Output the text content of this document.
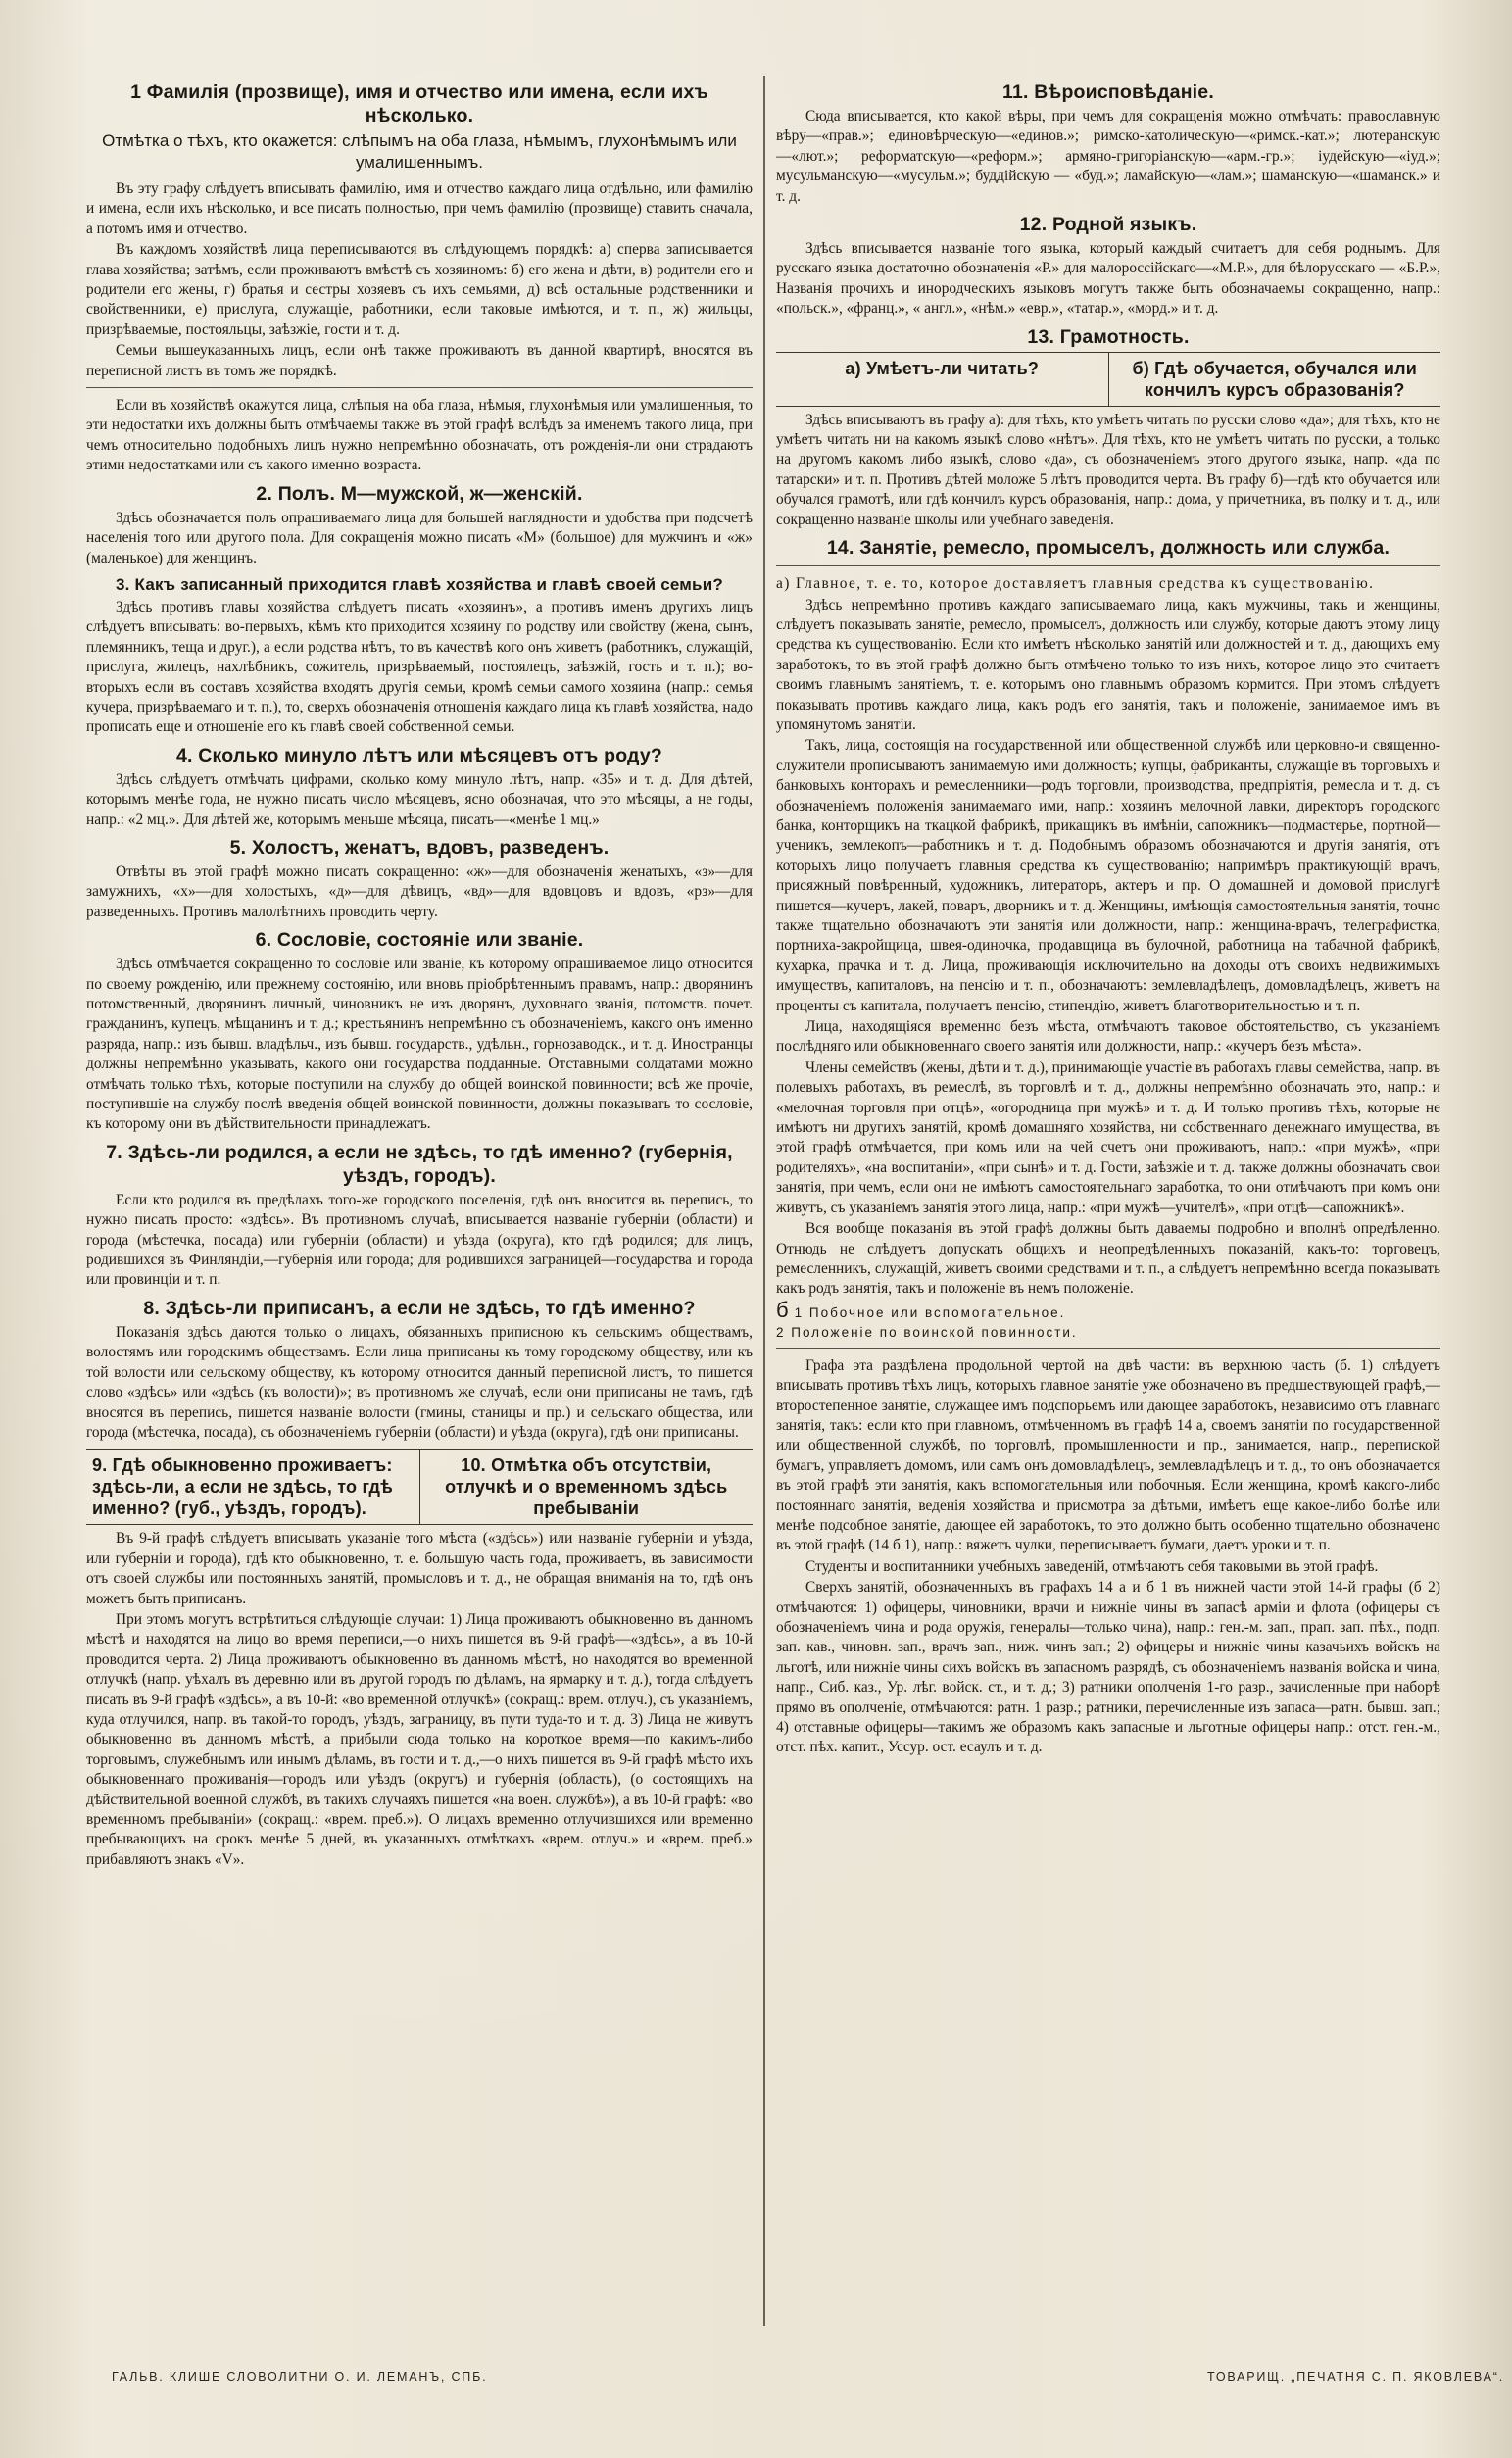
1 Фамилія (прозвище), имя и отчество или имена, если ихъ нѣсколько.
Отмѣтка о тѣхъ, кто окажется: слѣпымъ на оба глаза, нѣмымъ, глухонѣмымъ или умалишеннымъ.
Въ эту графу слѣдуетъ вписывать фамилію, имя и отчество каждаго лица отдѣльно, или фамилію и имена, если ихъ нѣсколько, и все писать полностью, при чемъ фамилію (прозвище) ставить сначала, а потомъ имя и отчество.
Въ каждомъ хозяйствѣ лица переписываются въ слѣдующемъ порядкѣ: а) сперва записывается глава хозяйства; затѣмъ, если проживаютъ вмѣстѣ съ хозяиномъ: б) его жена и дѣти, в) родители его и родители его жены, г) братья и сестры хозяевъ съ ихъ семьями, д) всѣ остальные родственники и свойственники, е) прислуга, служащіе, работники, если таковые имѣются, и т. п., ж) жильцы, призрѣваемые, постояльцы, заѣзжіе, гости и т. д.
Семьи вышеуказанныхъ лицъ, если онѣ также проживаютъ въ данной квартирѣ, вносятся въ переписной листъ въ томъ же порядкѣ.
Если въ хозяйствѣ окажутся лица, слѣпыя на оба глаза, нѣмыя, глухонѣмыя или умалишенныя, то эти недостатки ихъ должны быть отмѣчаемы также въ этой графѣ вслѣдъ за именемъ такого лица, при чемъ относительно подобныхъ лицъ нужно непремѣнно обозначать, отъ рожденія-ли они страдаютъ этими недостатками или съ какого именно возраста.
2. Полъ. М—мужской, ж—женскій.
Здѣсь обозначается полъ опрашиваемаго лица для большей наглядности и удобства при подсчетѣ населенія того или другого пола. Для сокращенія можно писать «М» (большое) для мужчинъ и «ж» (маленькое) для женщинъ.
3. Какъ записанный приходится главѣ хозяйства и главѣ своей семьи?
Здѣсь противъ главы хозяйства слѣдуетъ писать «хозяинъ», а противъ именъ другихъ лицъ слѣдуетъ вписывать: во-первыхъ, кѣмъ кто приходится хозяину по родству или свойству (жена, сынъ, племянникъ, теща и друг.), а если родства нѣтъ, то въ качествѣ кого онъ живетъ (работникъ, служащій, прислуга, жилецъ, нахлѣбникъ, сожитель, призрѣваемый, постоялецъ, заѣзжій, гость и т. п.); во-вторыхъ если въ составъ хозяйства входятъ другія семьи, кромѣ семьи самого хозяина (напр.: семья кучера, призрѣваемаго и т. п.), то, сверхъ обозначенія отношенія каждаго лица къ главѣ хозяйства, надо прописать еще и отношеніе его къ главѣ своей собственной семьи.
4. Сколько минуло лѣтъ или мѣсяцевъ отъ роду?
Здѣсь слѣдуетъ отмѣчать цифрами, сколько кому минуло лѣтъ, напр. «35» и т. д. Для дѣтей, которымъ менѣе года, не нужно писать число мѣсяцевъ, ясно обозначая, что это мѣсяцы, а не годы, напр.: «2 мц.». Для дѣтей же, которымъ меньше мѣсяца, писать—«менѣе 1 мц.»
5. Холостъ, женатъ, вдовъ, разведенъ.
Отвѣты въ этой графѣ можно писать сокращенно: «ж»—для обозначенія женатыхъ, «з»—для замужнихъ, «х»—для холостыхъ, «д»—для дѣвицъ, «вд»—для вдовцовъ и вдовъ, «рз»—для разведенныхъ. Противъ малолѣтнихъ проводить черту.
6. Сословіе, состояніе или званіе.
Здѣсь отмѣчается сокращенно то сословіе или званіе, къ которому опрашиваемое лицо относится по своему рожденію, или прежнему состоянію, или вновь пріобрѣтеннымъ правамъ, напр.: дворянинъ потомственный, дворянинъ личный, чиновникъ не изъ дворянъ, духовнаго званія, потомств. почет. гражданинъ, купецъ, мѣщанинъ и т. д.; крестьянинъ непремѣнно съ обозначеніемъ, какого онъ именно разряда, напр.: изъ бывш. владѣльч., изъ бывш. государств., удѣльн., горнозаводск., и т. д. Иностранцы должны непремѣнно указывать, какого они государства подданные. Отставными солдатами можно отмѣчать только тѣхъ, которые поступили на службу до общей воинской повинности; всѣ же прочіе, поступившіе на службу послѣ введенія общей воинской повинности, должны показывать то сословіе, къ которому они въ дѣйствительности принадлежатъ.
7. Здѣсь-ли родился, а если не здѣсь, то гдѣ именно? (губернія, уѣздъ, городъ).
Если кто родился въ предѣлахъ того-же городского поселенія, гдѣ онъ вносится въ перепись, то нужно писать просто: «здѣсь». Въ противномъ случаѣ, вписывается названіе губерніи (области) и города (мѣстечка, посада) или губерніи (области) и уѣзда (округа), кто гдѣ родился; для лицъ, родившихся въ Финляндіи,—губернія или города; для родившихся заграницей—государства и города или провинціи и т. п.
8. Здѣсь-ли приписанъ, а если не здѣсь, то гдѣ именно?
Показанія здѣсь даются только о лицахъ, обязанныхъ приписною къ сельскимъ обществамъ, волостямъ или городскимъ обществамъ. Если лица приписаны къ тому городскому обществу, или къ той волости или сельскому обществу, къ которому относится данный переписной листъ, то пишется слово «здѣсь» или «здѣсь (къ волости)»; въ противномъ же случаѣ, если они приписаны не тамъ, гдѣ вносятся въ перепись, пишется названіе волости (гмины, станицы и пр.) и сельскаго общества, или города (мѣстечка, посада), съ обозначеніемъ губерніи (области) и уѣзда (округа), гдѣ они приписаны.
9. Гдѣ обыкновенно проживаетъ: здѣсь-ли, а если не здѣсь, то гдѣ именно? (губ., уѣздъ, городъ).
10. Отмѣтка объ отсутствіи, отлучкѣ и о временномъ здѣсь пребываніи
Въ 9-й графѣ слѣдуетъ вписывать указаніе того мѣста («здѣсь») или названіе губерніи и уѣзда, или губерніи и города), гдѣ кто обыкновенно, т. е. большую часть года, проживаетъ, въ зависимости отъ своей службы или постоянныхъ занятій, промысловъ и т. д., не обращая вниманія на то, гдѣ онъ можетъ быть приписанъ.
При этомъ могутъ встрѣтиться слѣдующіе случаи: 1) Лица проживаютъ обыкновенно въ данномъ мѣстѣ и находятся на лицо во время переписи,—о нихъ пишется въ 9-й графѣ—«здѣсь», а въ 10-й проводится черта. 2) Лица проживаютъ обыкновенно въ данномъ мѣстѣ, но находятся во временной отлучкѣ (напр. уѣхалъ въ деревню или въ другой городъ по дѣламъ, на ярмарку и т. д.), тогда слѣдуетъ писать въ 9-й графѣ «здѣсь», а въ 10-й: «во временной отлучкѣ» (сокращ.: врем. отлуч.), съ указаніемъ, куда отлучился, напр. въ такой-то городъ, уѣздъ, заграницу, въ пути туда-то и т. д. 3) Лица не живутъ обыкновенно въ данномъ мѣстѣ, а прибыли сюда только на короткое время—по какимъ-либо торговымъ, служебнымъ или инымъ дѣламъ, въ гости и т. д.,—о нихъ пишется въ 9-й графѣ мѣсто ихъ обыкновеннаго проживанія—городъ или уѣздъ (округъ) и губернія (область), (о состоящихъ на дѣйствительной военной службѣ, въ такихъ случаяхъ пишется «на воен. службѣ»), а въ 10-й графѣ: «во временномъ пребываніи» (сокращ.: «врем. преб.»). О лицахъ временно отлучившихся или временно пребывающихъ на срокъ менѣе 5 дней, въ указанныхъ отмѣткахъ «врем. отлуч.» и «врем. преб.» прибавляютъ знакъ «V».
11. Вѣроисповѣданіе.
Сюда вписывается, кто какой вѣры, при чемъ для сокращенія можно отмѣчать: православную вѣру—«прав.»; единовѣрческую—«единов.»; римско-католическую—«римск.-кат.»; лютеранскую—«лют.»; реформатскую—«реформ.»; армяно-григоріанскую—«арм.-гр.»; іудейскую—«іуд.»; мусульманскую—«мусульм.»; буддійскую — «буд.»; ламайскую—«лам.»; шаманскую—«шаманск.» и т. д.
12. Родной языкъ.
Здѣсь вписывается названіе того языка, который каждый считаетъ для себя роднымъ. Для русскаго языка достаточно обозначенія «Р.» для малороссійскаго—«М.Р.», для бѣлорусскаго — «Б.Р.», Названія прочихъ и инородческихъ языковъ могутъ также быть обозначаемы сокращенно, напр.: «польск.», «франц.», « англ.», «нѣм.» «евр.», «татар.», «морд.» и т. д.
13. Грамотность.
а) Умѣетъ-ли читать?	б) Гдѣ обучается, обучался или кончилъ курсъ образованія?
Здѣсь вписываютъ въ графу а): для тѣхъ, кто умѣетъ читать по русски слово «да»; для тѣхъ, кто не умѣетъ читать ни на какомъ языкѣ слово «нѣтъ». Для тѣхъ, кто не умѣетъ читать по русски, а только на другомъ какомъ либо языкѣ, слово «да», съ обозначеніемъ этого другого языка, напр. «да по татарски» и т. п. Противъ дѣтей моложе 5 лѣтъ проводится черта. Въ графу б)—гдѣ кто обучается или обучался грамотѣ, или гдѣ кончилъ курсъ образованія, напр.: дома, у причетника, въ полку и т. д., или сокращенно названіе школы или учебнаго заведенія.
14. Занятіе, ремесло, промыселъ, должность или служба.
а) Главное, т. е. то, которое доставляетъ главныя средства къ существованію.
Здѣсь непремѣнно противъ каждаго записываемаго лица, какъ мужчины, такъ и женщины, слѣдуетъ показывать занятіе, ремесло, промыселъ, должность или службу, которые даютъ этому лицу средства къ существованію. Если кто имѣетъ нѣсколько занятій или должностей и т. д., дающихъ ему заработокъ, то въ этой графѣ должно быть отмѣчено только то изъ нихъ, которое лицо это считаетъ своимъ главнымъ занятіемъ, т. е. которымъ оно главнымъ образомъ кормится. При этомъ слѣдуетъ показывать противъ каждаго лица, какъ родъ его занятія, такъ и положеніе, занимаемое имъ въ упомянутомъ занятіи.
Такъ, лица, состоящія на государственной или общественной службѣ или церковно-и священно-служители прописываютъ занимаемую ими должность; купцы, фабриканты, служащіе въ торговыхъ и банковыхъ конторахъ и ремесленники—родъ торговли, производства, предпріятія, ремесла и т. д. съ обозначеніемъ положенія занимаемаго ими, напр.: хозяинъ мелочной лавки, директоръ городского банка, конторщикъ на ткацкой фабрикѣ, прикащикъ въ имѣніи, сапожникъ—подмастерье, портной—ученикъ, землекопъ—работникъ и т. д. Подобнымъ образомъ обозначаются и другія занятія, отъ которыхъ лицо получаетъ главныя средства къ существованію; напримѣръ практикующій врачъ, присяжный повѣренный, художникъ, литераторъ, актеръ и пр. О домашней и домовой прислугѣ пишется—кучеръ, лакей, поваръ, дворникъ и т. д. Женщины, имѣющія самостоятельныя занятія, точно также тщательно обозначаютъ эти занятія или должности, напр.: женщина-врачъ, телеграфистка, портниха-закройщица, швея-одиночка, продавщица въ булочной, работница на табачной фабрикѣ, кухарка, прачка и т. д. Лица, проживающія исключительно на доходы отъ своихъ недвижимыхъ имуществъ, капиталовъ, на пенсію и т. п., обозначаютъ: землевладѣлецъ, домовладѣлецъ, живетъ на проценты съ капитала, получаетъ пенсію, стипендію, живетъ благотворительностью и т. п.
Лица, находящіяся временно безъ мѣста, отмѣчаютъ таковое обстоятельство, съ указаніемъ послѣдняго или обыкновеннаго своего занятія или должности, напр.: «кучеръ безъ мѣста».
Члены семействъ (жены, дѣти и т. д.), принимающіе участіе въ работахъ главы семейства, напр. въ полевыхъ работахъ, въ ремеслѣ, въ торговлѣ и т. д., должны непремѣнно обозначать это, напр.: и «мелочная торговля при отцѣ», «огородница при мужѣ» и т. д. И только противъ тѣхъ, которые не имѣютъ ни другихъ занятій, кромѣ домашняго хозяйства, ни собственнаго денежнаго имущества, въ этой графѣ отмѣчается, при комъ или на чей счетъ они проживаютъ, напр.: «при мужѣ», «при родителяхъ», «на воспитаніи», «при сынѣ» и т. д. Гости, заѣзжіе и т. д. также должны обозначать свои занятія, при чемъ, если они не имѣютъ самостоятельнаго заработка, то они отмѣчаютъ при комъ они живутъ, съ указаніемъ занятія этого лица, напр.: «при мужѣ—учителѣ», «при отцѣ—сапожникѣ».
Вся вообще показанія въ этой графѣ должны быть даваемы подробно и вполнѣ опредѣленно. Отнюдь не слѣдуетъ допускать общихъ и неопредѣленныхъ показаній, какъ-то: торговецъ, ремесленникъ, служащій, живетъ своими средствами и т. п., а слѣдуетъ непремѣнно всегда показывать какъ родъ занятія, такъ и положеніе въ немъ положеніе.
б 1 Побочное или вспомогательное.
2 Положеніе по воинской повинности.
Графа эта раздѣлена продольной чертой на двѣ части: въ верхнюю часть (б. 1) слѣдуетъ вписывать противъ тѣхъ лицъ, которыхъ главное занятіе уже обозначено въ предшествующей графѣ,—второстепенное занятіе, служащее имъ подспорьемъ или дающее заработокъ, независимо отъ главнаго занятія, такъ: если кто при главномъ, отмѣченномъ въ графѣ 14 а, своемъ занятіи по государственной или общественной службѣ, по торговлѣ, промышленности и пр., занимается, напр., перепиской бумагъ, управляетъ домомъ, или самъ онъ домовладѣлецъ, землевладѣлецъ и т. д., то онъ обозначается въ этой графѣ эти занятія, какъ вспомогательныя или побочныя. Если женщина, кромѣ какого-либо постояннаго занятія, веденія хозяйства и присмотра за дѣтьми, имѣетъ еще какое-либо болѣе или менѣе подсобное занятіе, дающее ей заработокъ, то это должно быть особенно тщательно обозначено въ этой графѣ (14 б 1), напр.: вяжетъ чулки, переписываетъ бумаги, даетъ уроки и т. п.
Студенты и воспитанники учебныхъ заведеній, отмѣчаютъ себя таковыми въ этой графѣ.
Сверхъ занятій, обозначенныхъ въ графахъ 14 а и б 1 въ нижней части этой 14-й графы (б 2) отмѣчаются: 1) офицеры, чиновники, врачи и нижніе чины въ запасѣ арміи и флота (офицеры съ обозначеніемъ чина и рода оружія, генералы—только чина), напр.: ген.-м. зап., прап. зап. пѣх., подп. зап. кав., чиновн. зап., врачъ зап., ниж. чинъ зап.; 2) офицеры и нижніе чины казачьихъ войскъ на льготѣ, или нижніе чины сихъ войскъ въ запасномъ разрядѣ, съ обозначеніемъ названія войска и чина, напр., Сиб. каз., Ур. лѣг. войск. ст., и т. д.; 3) ратники ополченія 1-го разр., зачисленные при наборѣ прямо въ ополченіе, отмѣчаются: ратн. 1 разр.; ратники, перечисленные изъ запаса—ратн. бывш. зап.; 4) отставные офицеры—такимъ же образомъ какъ запасные и льготные офицеры напр.: отст. ген.-м., отст. пѣх. капит., Уссур. ост. есаулъ и т. д.
ГАЛЬВ. КЛИШЕ СЛОВОЛИТНИ О. И. ЛЕМАНЪ, СПБ.	ТОВАРИЩ. „ПЕЧАТНЯ С. П. ЯКОВЛЕВА“.
